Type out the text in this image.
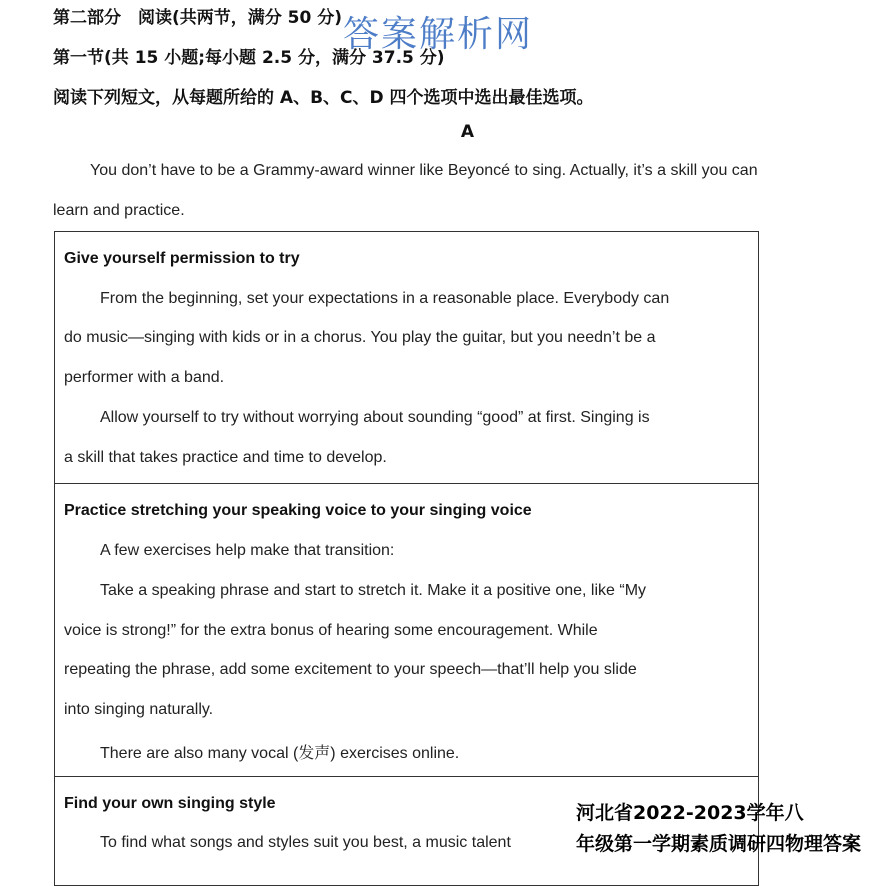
第二部分　阅读(共两节，满分 50 分)
第一节(共 15 小题;每小题 2.5 分，满分 37.5 分)
阅读下列短文，从每题所给的 A、B、C、D 四个选项中选出最佳选项。
答案解析网
A
You don’t have to be a Grammy-award winner like Beyoncé to sing. Actually, it’s a skill you can
learn and practice.
Give yourself permission to try
From the beginning, set your expectations in a reasonable place. Everybody can
do music—singing with kids or in a chorus. You play the guitar, but you needn’t be a
performer with a band.
Allow yourself to try without worrying about sounding “good” at first. Singing is
a skill that takes practice and time to develop.
Practice stretching your speaking voice to your singing voice
A few exercises help make that transition:
Take a speaking phrase and start to stretch it. Make it a positive one, like “My
voice is strong!” for the extra bonus of hearing some encouragement. While
repeating the phrase, add some excitement to your speech—that’ll help you slide
into singing naturally.
There are also many vocal (发声) exercises online.
Find your own singing style
To find what songs and styles suit you best, a music talent
河北省2022-2023学年八
年级第一学期素质调研四物理答案
